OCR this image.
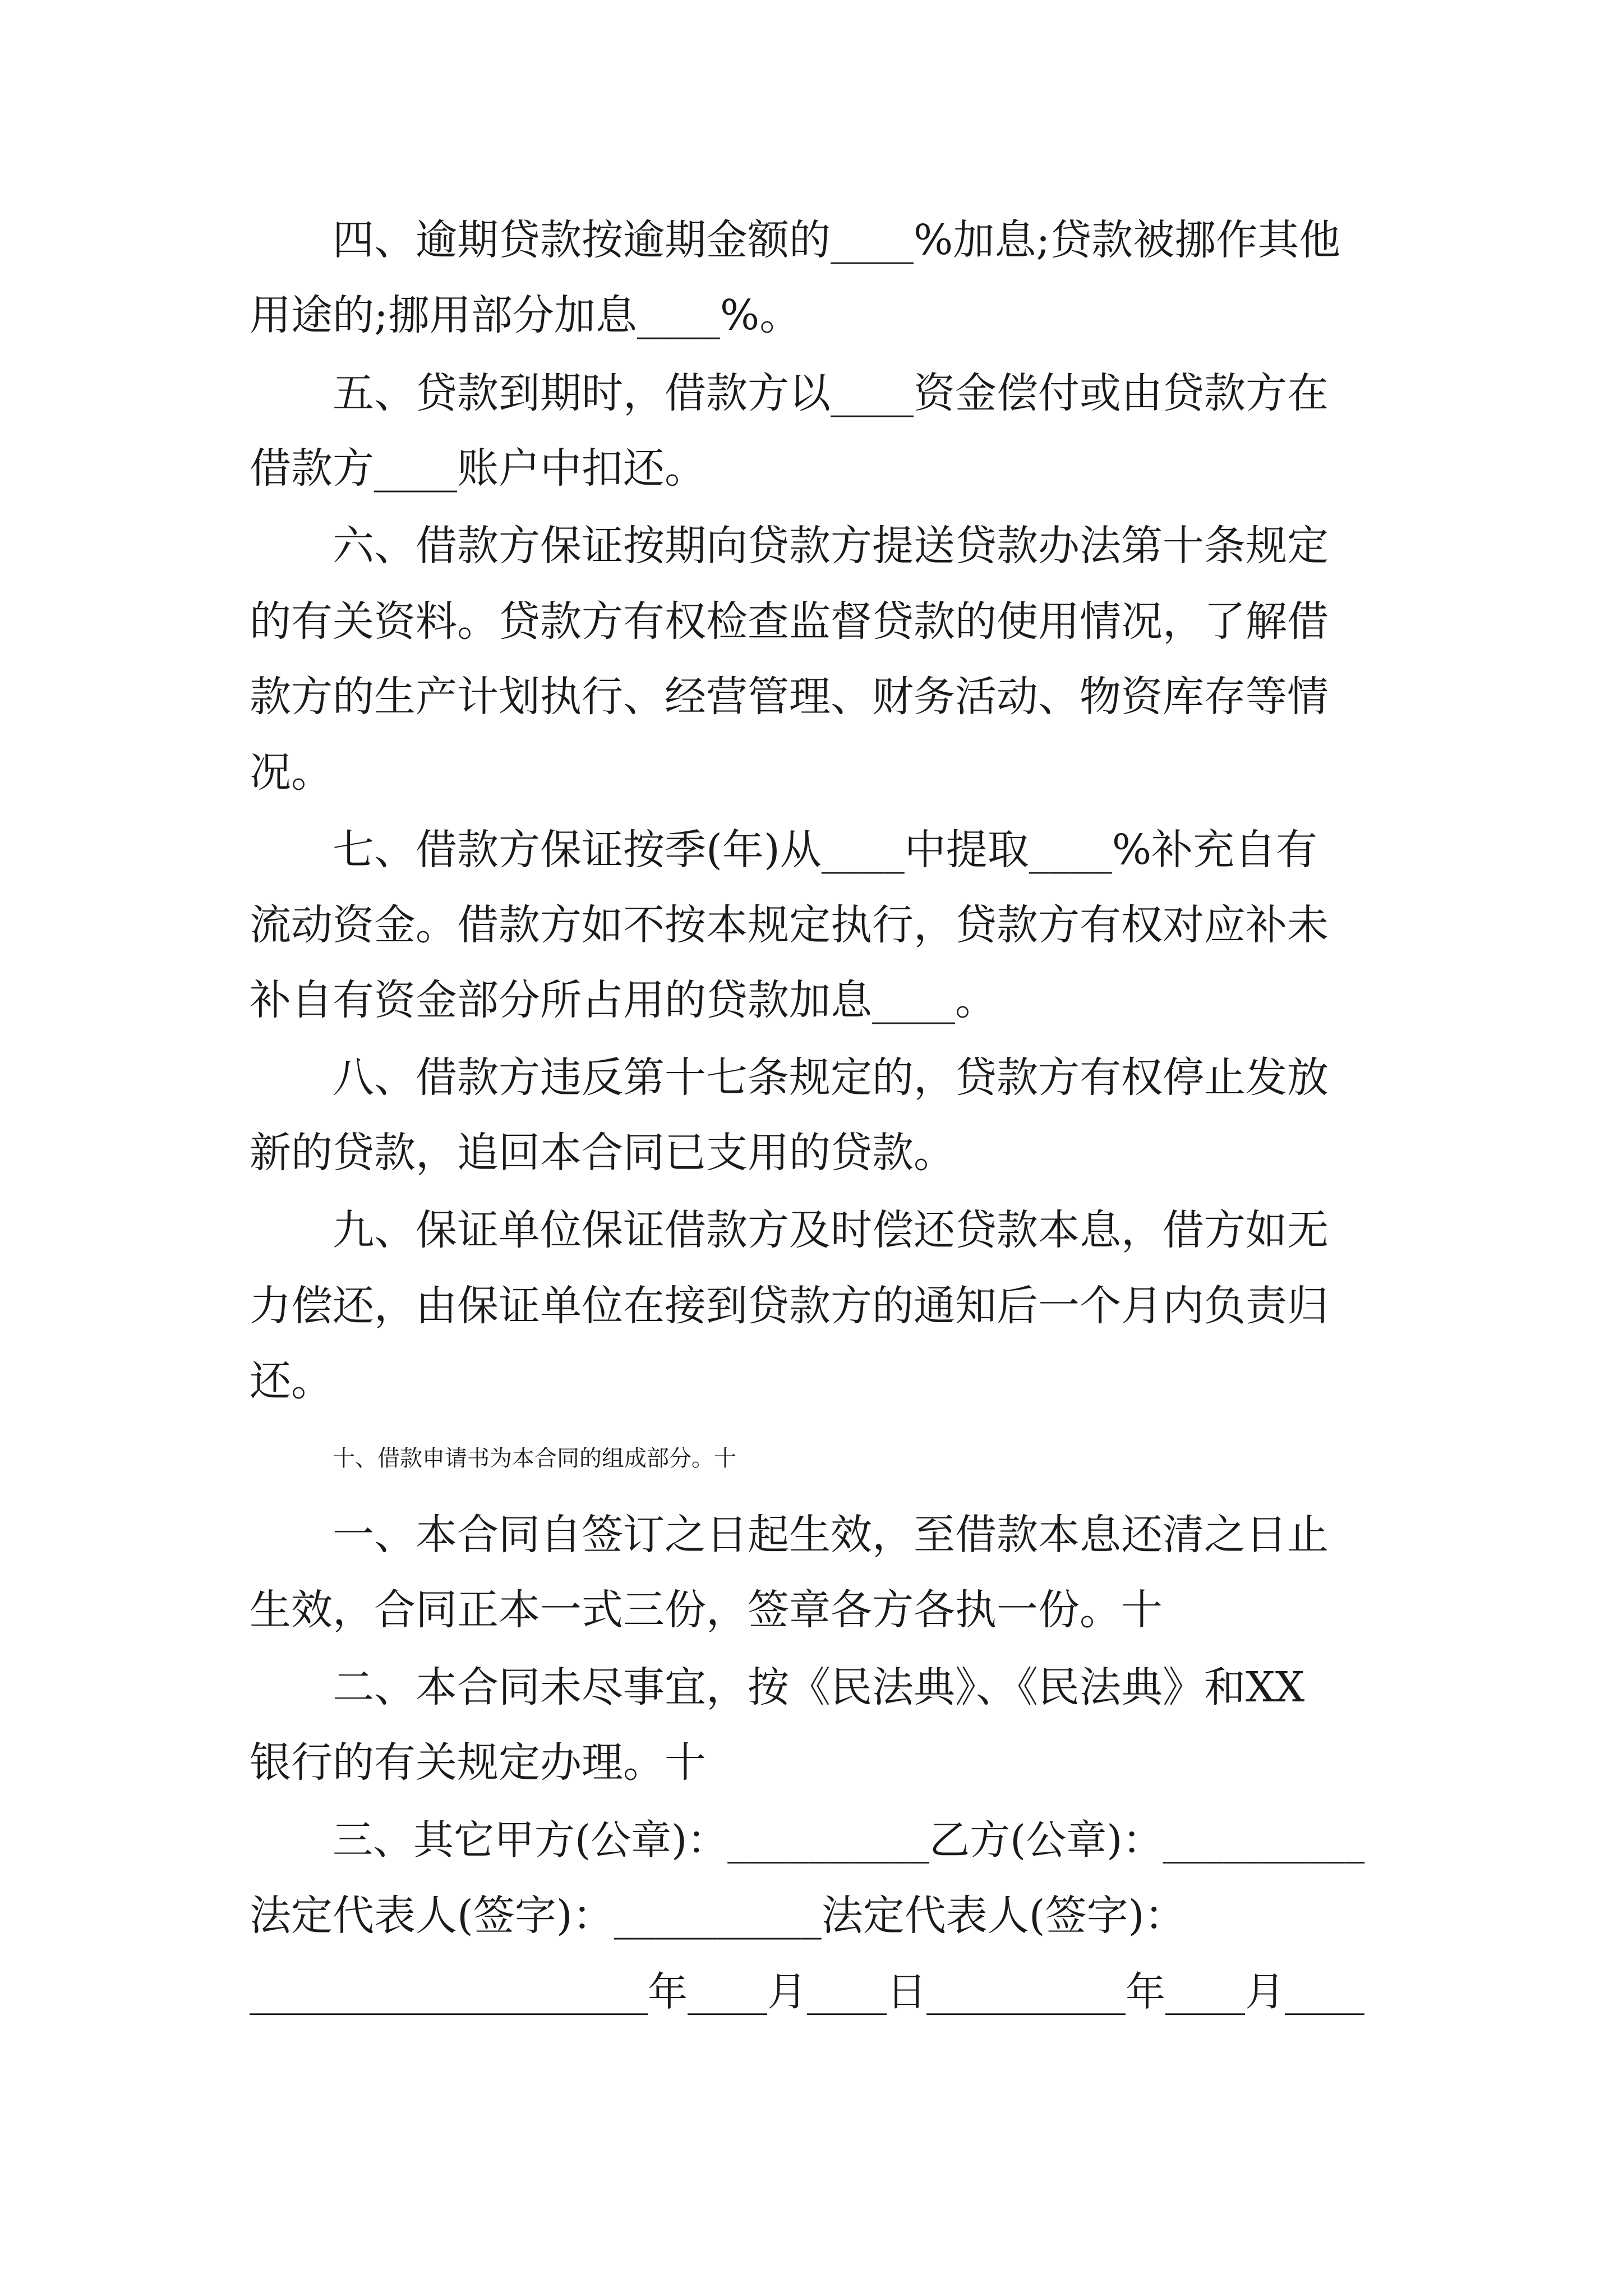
四、逾期贷款按逾期金额的____%加息;贷款被挪作其他
用途的;挪用部分加息____%。
五、贷款到期时，借款方以____资金偿付或由贷款方在
借款方____账户中扣还。
六、借款方保证按期向贷款方提送贷款办法第十条规定
的有关资料。贷款方有权检查监督贷款的使用情况，了解借
款方的生产计划执行、经营管理、财务活动、物资库存等情
况。
七、借款方保证按季(年)从____中提取____%补充自有
流动资金。借款方如不按本规定执行，贷款方有权对应补未
补自有资金部分所占用的贷款加息____。
八、借款方违反第十七条规定的，贷款方有权停止发放
新的贷款，追回本合同已支用的贷款。
九、保证单位保证借款方及时偿还贷款本息，借方如无
力偿还，由保证单位在接到贷款方的通知后一个月内负责归
还。
十、借款申请书为本合同的组成部分。十
一、本合同自签订之日起生效，至借款本息还清之日止
生效，合同正本一式三份，签章各方各执一份。十
二、本合同未尽事宜，按《民法典》、《民法典》和XX
银行的有关规定办理。十
三、其它甲方(公章)：__________乙方(公章)：__________
法定代表人(签字)：__________法定代表人(签字)：
____________________年____月____日__________年____月____
